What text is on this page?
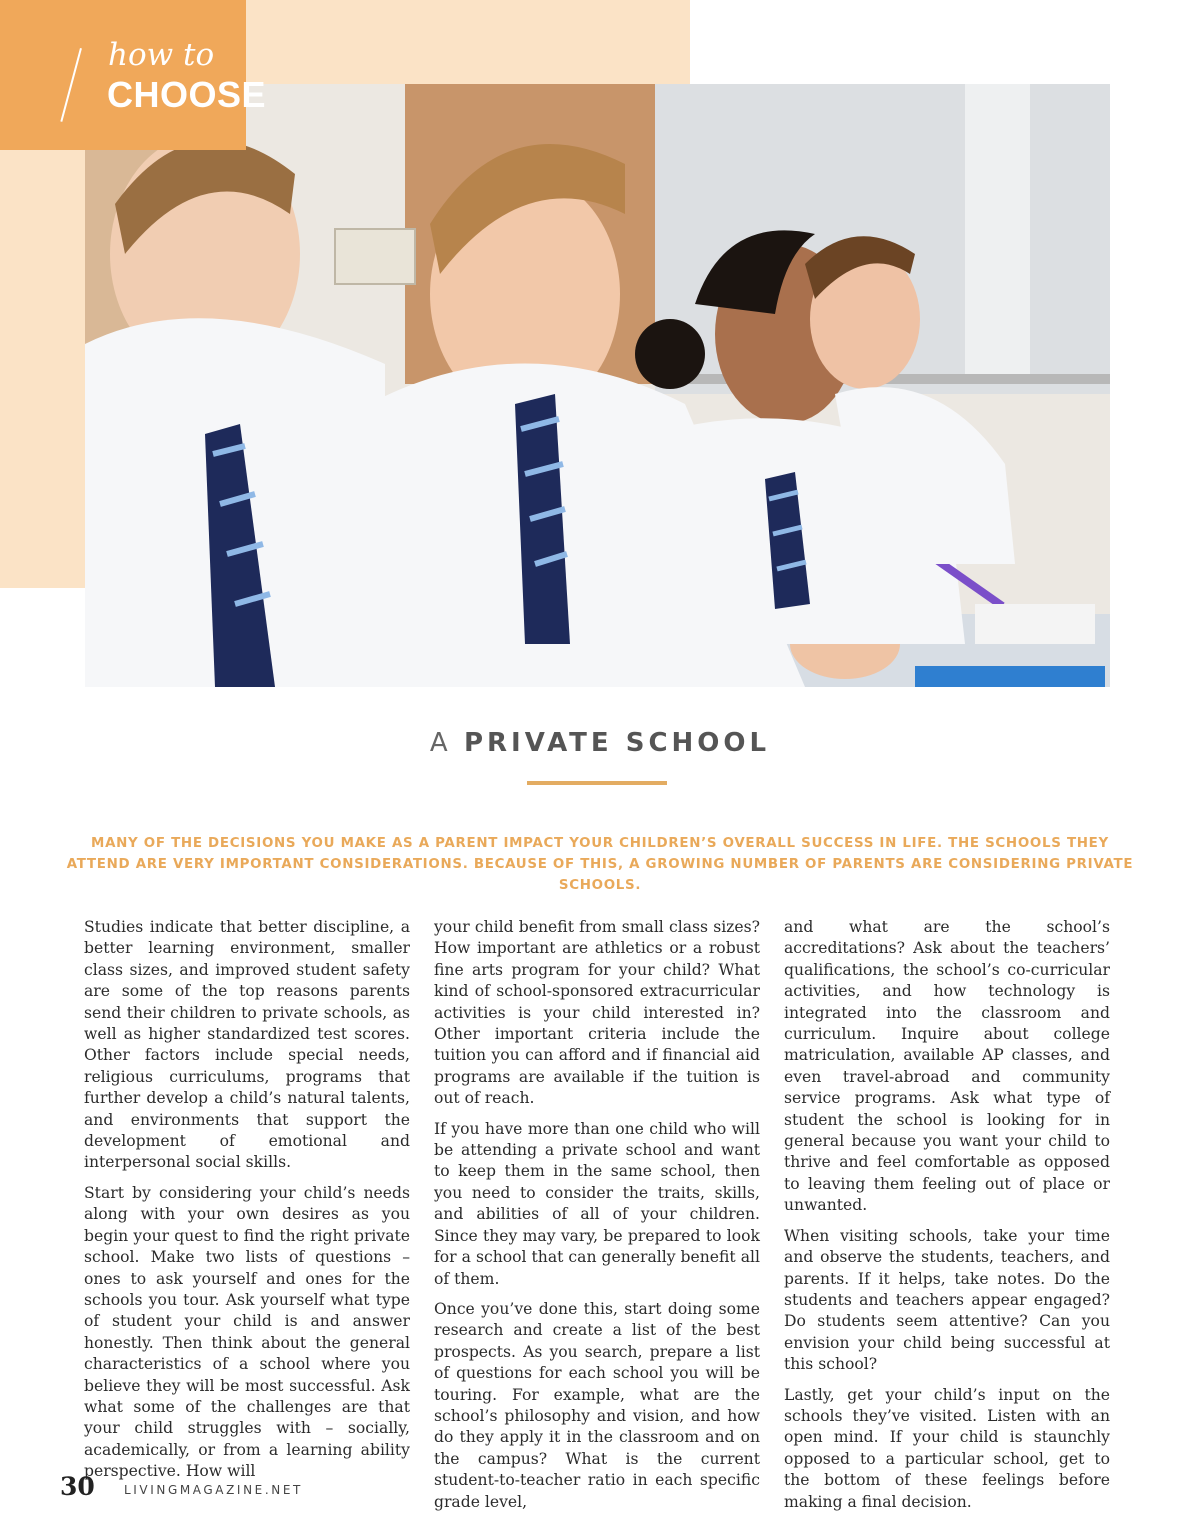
how to
CHOOSE
A PRIVATE SCHOOL
MANY OF THE DECISIONS YOU MAKE AS A PARENT IMPACT YOUR CHILDREN’S OVERALL SUCCESS IN LIFE. THE SCHOOLS THEY ATTEND ARE VERY IMPORTANT CONSIDERATIONS. BECAUSE OF THIS, A GROWING NUMBER OF PARENTS ARE CONSIDERING PRIVATE SCHOOLS.

Studies indicate that better discipline, a better learning environment, smaller class sizes, and improved student safety are some of the top reasons parents send their children to private schools, as well as higher standardized test scores. Other factors include special needs, religious curriculums, programs that further develop a child’s natural talents, and environments that support the development of emotional and interpersonal social skills.

Start by considering your child’s needs along with your own desires as you begin your quest to find the right private school. Make two lists of questions – ones to ask yourself and ones for the schools you tour. Ask yourself what type of student your child is and answer honestly. Then think about the general characteristics of a school where you believe they will be most successful. Ask what some of the challenges are that your child struggles with – socially, academically, or from a learning ability perspective. How will

your child benefit from small class sizes? How important are athletics or a robust fine arts program for your child? What kind of school-sponsored extracurricular activities is your child interested in? Other important criteria include the tuition you can afford and if financial aid programs are available if the tuition is out of reach.

If you have more than one child who will be attending a private school and want to keep them in the same school, then you need to consider the traits, skills, and abilities of all of your children. Since they may vary, be prepared to look for a school that can generally benefit all of them.

Once you’ve done this, start doing some research and create a list of the best prospects. As you search, prepare a list of questions for each school you will be touring. For example, what are the school’s philosophy and vision, and how do they apply it in the classroom and on the campus? What is the current student-to-teacher ratio in each specific grade level,

and what are the school’s accreditations? Ask about the teachers’ qualifications, the school’s co-curricular activities, and how technology is integrated into the classroom and curriculum. Inquire about college matriculation, available AP classes, and even travel-abroad and community service programs. Ask what type of student the school is looking for in general because you want your child to thrive and feel comfortable as opposed to leaving them feeling out of place or unwanted.

When visiting schools, take your time and observe the students, teachers, and parents. If it helps, take notes. Do the students and teachers appear engaged? Do students seem attentive? Can you envision your child being successful at this school?

Lastly, get your child’s input on the schools they’ve visited. Listen with an open mind. If your child is staunchly opposed to a particular school, get to the bottom of these feelings before making a final decision.

30 LIVINGMAGAZINE.NET
